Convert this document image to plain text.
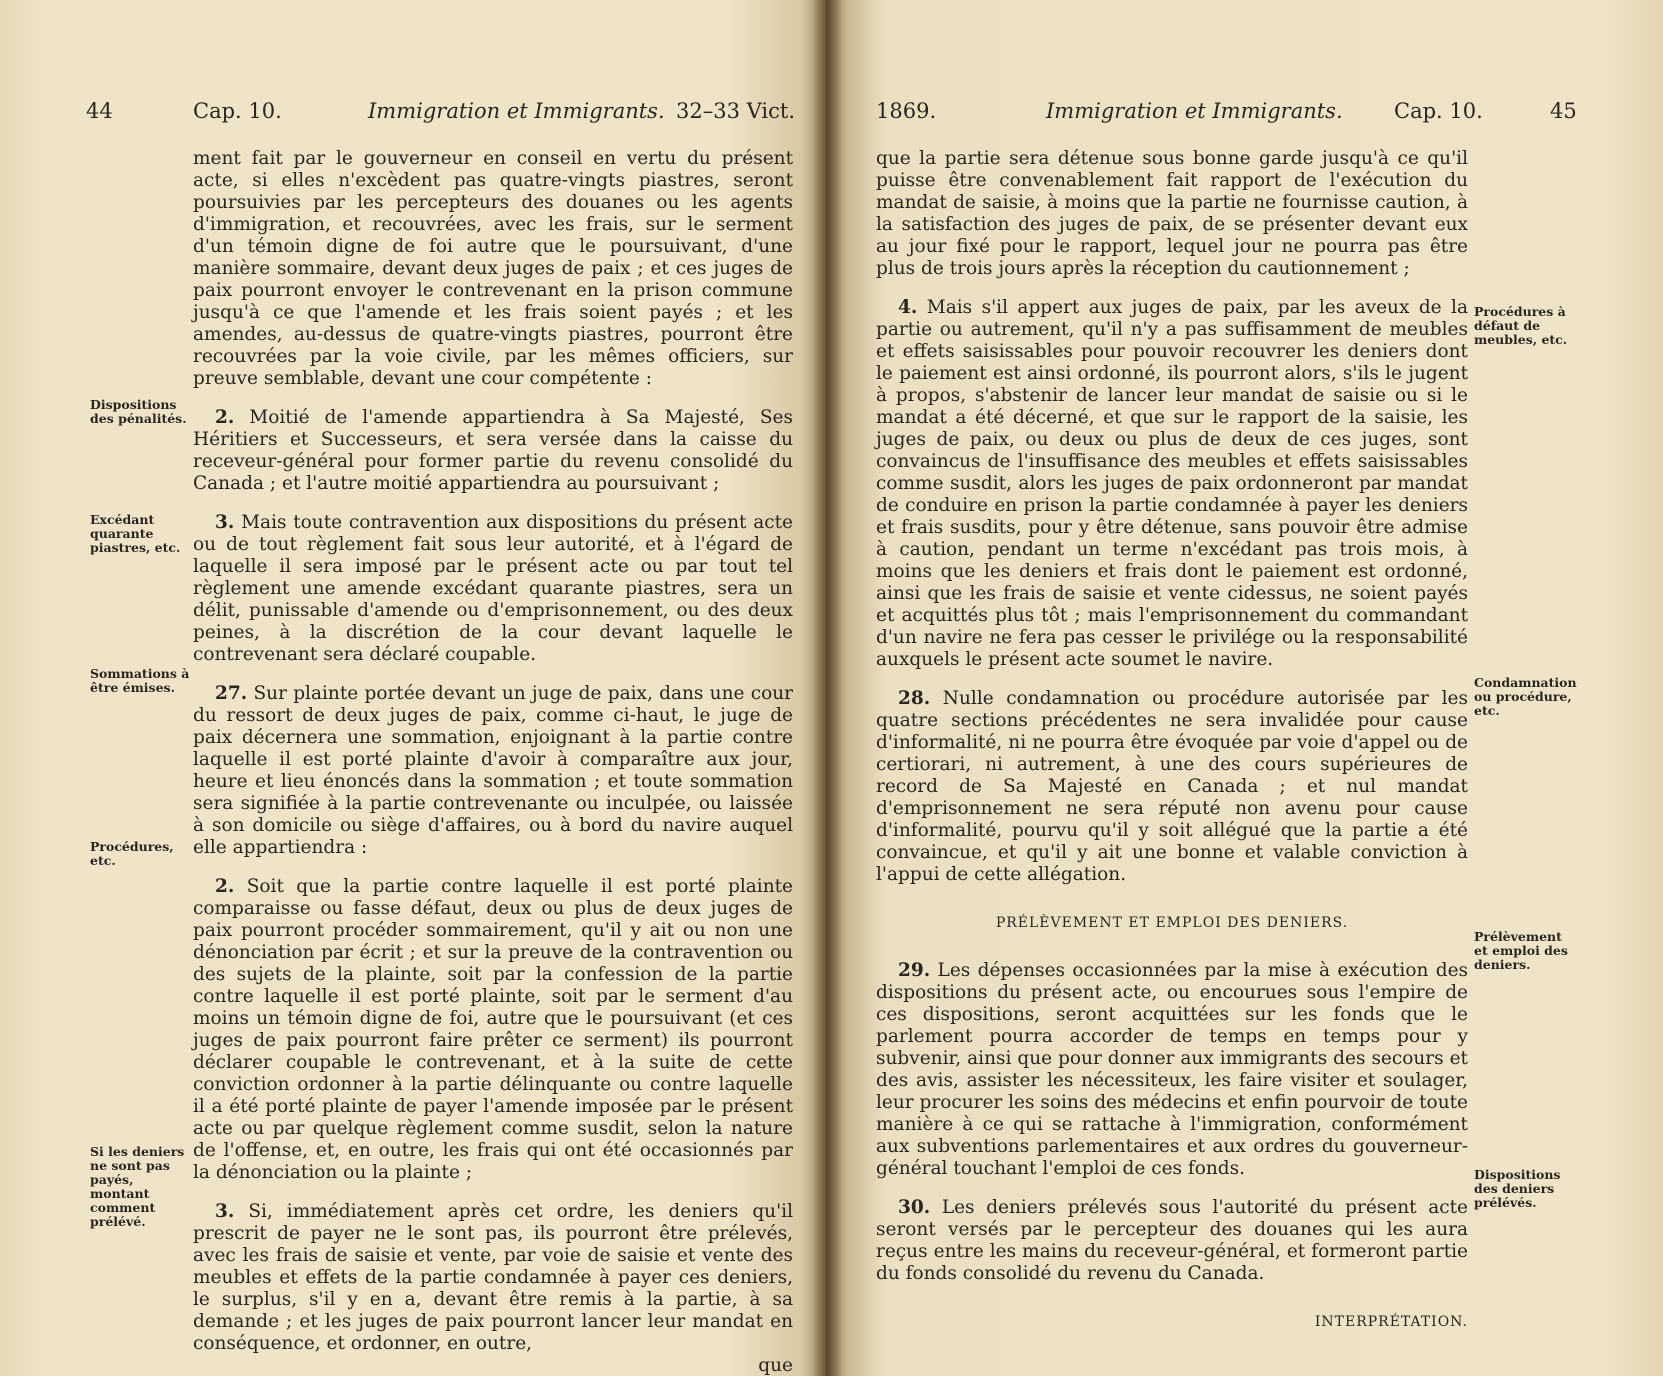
44	Cap. 10.	Immigration et Immigrants. 32–33 Vict.

ment fait par le gouverneur en conseil en vertu du présent acte, si elles n'excèdent pas quatre-vingts piastres, seront poursuivies par les percepteurs des douanes ou les agents d'immigration, et recouvrées, avec les frais, sur le serment d'un témoin digne de foi autre que le poursuivant, d'une manière sommaire, devant deux juges de paix ; et ces juges de paix pourront envoyer le contrevenant en la prison commune jusqu'à ce que l'amende et les frais soient payés ; et les amendes, au-dessus de quatre-vingts piastres, pourront être recouvrées par la voie civile, par les mêmes officiers, sur preuve semblable, devant une cour compétente :

2. Moitié de l'amende appartiendra à Sa Majesté, Ses Héritiers et Successeurs, et sera versée dans la caisse du receveur-général pour former partie du revenu consolidé du Canada ; et l'autre moitié appartiendra au poursuivant ;

3. Mais toute contravention aux dispositions du présent acte ou de tout règlement fait sous leur autorité, et à l'égard de laquelle il sera imposé par le présent acte ou par tout tel règlement une amende excédant quarante piastres, sera un délit, punissable d'amende ou d'emprisonnement, ou des deux peines, à la discrétion de la cour devant laquelle le contrevenant sera déclaré coupable.

27. Sur plainte portée devant un juge de paix, dans une cour du ressort de deux juges de paix, comme ci-haut, le juge de paix décernera une sommation, enjoignant à la partie contre laquelle il est porté plainte d'avoir à comparaître aux jour, heure et lieu énoncés dans la sommation ; et toute sommation sera signifiée à la partie contrevenante ou inculpée, ou laissée à son domicile ou siège d'affaires, ou à bord du navire auquel elle appartiendra :

2. Soit que la partie contre laquelle il est porté plainte comparaisse ou fasse défaut, deux ou plus de deux juges de paix pourront procéder sommairement, qu'il y ait ou non une dénonciation par écrit ; et sur la preuve de la contravention ou des sujets de la plainte, soit par la confession de la partie contre laquelle il est porté plainte, soit par le serment d'au moins un témoin digne de foi, autre que le poursuivant (et ces juges de paix pourront faire prêter ce serment) ils pourront déclarer coupable le contrevenant, et à la suite de cette conviction ordonner à la partie délinquante ou contre laquelle il a été porté plainte de payer l'amende imposée par le présent acte ou par quelque règlement comme susdit, selon la nature de l'offense, et, en outre, les frais qui ont été occasionnés par la dénonciation ou la plainte ;

3. Si, immédiatement après cet ordre, les deniers qu'il prescrit de payer ne le sont pas, ils pourront être prélevés, avec les frais de saisie et vente, par voie de saisie et vente des meubles et effets de la partie condamnée à payer ces deniers, le surplus, s'il y en a, devant être remis à la partie, à sa demande ; et les juges de paix pourront lancer leur mandat en conséquence, et ordonner, en outre,

que

Dispositions des pénalités.
Excédant quarante piastres, etc.
Sommations à être émises.
Procédures, etc.
Si les deniers ne sont pas payés, montant comment prélévé.
1869.	Immigration et Immigrants. Cap. 10.	45

que la partie sera détenue sous bonne garde jusqu'à ce qu'il puisse être convenablement fait rapport de l'exécution du mandat de saisie, à moins que la partie ne fournisse caution, à la satisfaction des juges de paix, de se présenter devant eux au jour fixé pour le rapport, lequel jour ne pourra pas être plus de trois jours après la réception du cautionnement ;

4. Mais s'il appert aux juges de paix, par les aveux de la partie ou autrement, qu'il n'y a pas suffisamment de meubles et effets saisissables pour pouvoir recouvrer les deniers dont le paiement est ainsi ordonné, ils pourront alors, s'ils le jugent à propos, s'abstenir de lancer leur mandat de saisie ou si le mandat a été décerné, et que sur le rapport de la saisie, les juges de paix, ou deux ou plus de deux de ces juges, sont convaincus de l'insuffisance des meubles et effets saisissables comme susdit, alors les juges de paix ordonneront par mandat de conduire en prison la partie condamnée à payer les deniers et frais susdits, pour y être détenue, sans pouvoir être admise à caution, pendant un terme n'excédant pas trois mois, à moins que les deniers et frais dont le paiement est ordonné, ainsi que les frais de saisie et vente cidessus, ne soient payés et acquittés plus tôt ; mais l'emprisonnement du commandant d'un navire ne fera pas cesser le privilége ou la responsabilité auxquels le présent acte soumet le navire.

28. Nulle condamnation ou procédure autorisée par les quatre sections précédentes ne sera invalidée pour cause d'informalité, ni ne pourra être évoquée par voie d'appel ou de certiorari, ni autrement, à une des cours supérieures de record de Sa Majesté en Canada ; et nul mandat d'emprisonnement ne sera réputé non avenu pour cause d'informalité, pourvu qu'il y soit allégué que la partie a été convaincue, et qu'il y ait une bonne et valable conviction à l'appui de cette allégation.

PRÉLÈVEMENT ET EMPLOI DES DENIERS.

29. Les dépenses occasionnées par la mise à exécution des dispositions du présent acte, ou encourues sous l'empire de ces dispositions, seront acquittées sur les fonds que le parlement pourra accorder de temps en temps pour y subvenir, ainsi que pour donner aux immigrants des secours et des avis, assister les nécessiteux, les faire visiter et soulager, leur procurer les soins des médecins et enfin pourvoir de toute manière à ce qui se rattache à l'immigration, conformément aux subventions parlementaires et aux ordres du gouverneur-général touchant l'emploi de ces fonds.

30. Les deniers prélevés sous l'autorité du présent acte seront versés par le percepteur des douanes qui les aura reçus entre les mains du receveur-général, et formeront partie du fonds consolidé du revenu du Canada.

INTERPRÉTATION.

Procédures à défaut de meubles, etc.
Condamnation ou procédure, etc.
Prélèvement et emploi des deniers.
Dispositions des deniers prélévés.
